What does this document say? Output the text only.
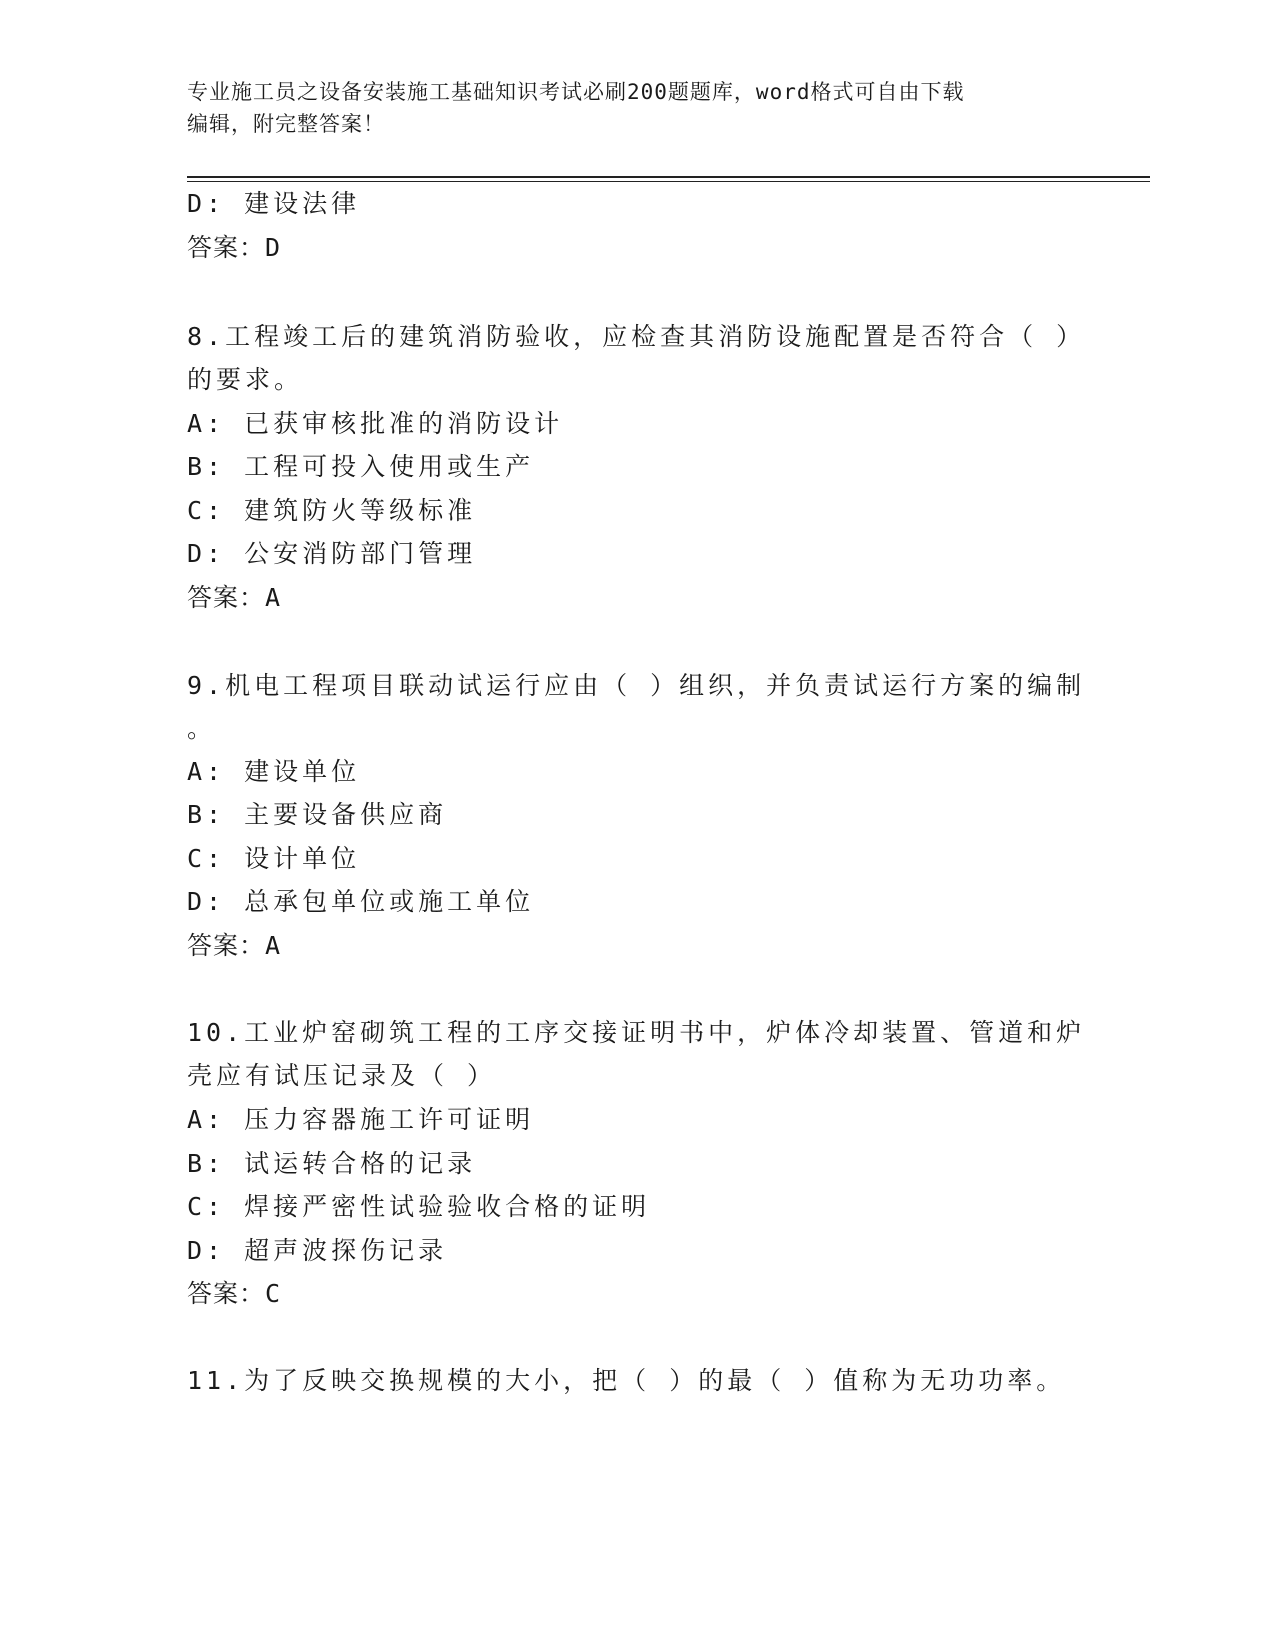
专业施工员之设备安装施工基础知识考试必刷200题题库，word格式可自由下载
编辑，附完整答案！
D: 建设法律
答案：D
8.工程竣工后的建筑消防验收，应检查其消防设施配置是否符合（ ）
的要求。
A: 已获审核批准的消防设计
B: 工程可投入使用或生产
C: 建筑防火等级标准
D: 公安消防部门管理
答案：A
9.机电工程项目联动试运行应由（ ）组织，并负责试运行方案的编制
。
A: 建设单位
B: 主要设备供应商
C: 设计单位
D: 总承包单位或施工单位
答案：A
10.工业炉窑砌筑工程的工序交接证明书中，炉体冷却装置、管道和炉
壳应有试压记录及（ ）
A: 压力容器施工许可证明
B: 试运转合格的记录
C: 焊接严密性试验验收合格的证明
D: 超声波探伤记录
答案：C
11.为了反映交换规模的大小，把（ ）的最（ ）值称为无功功率。
